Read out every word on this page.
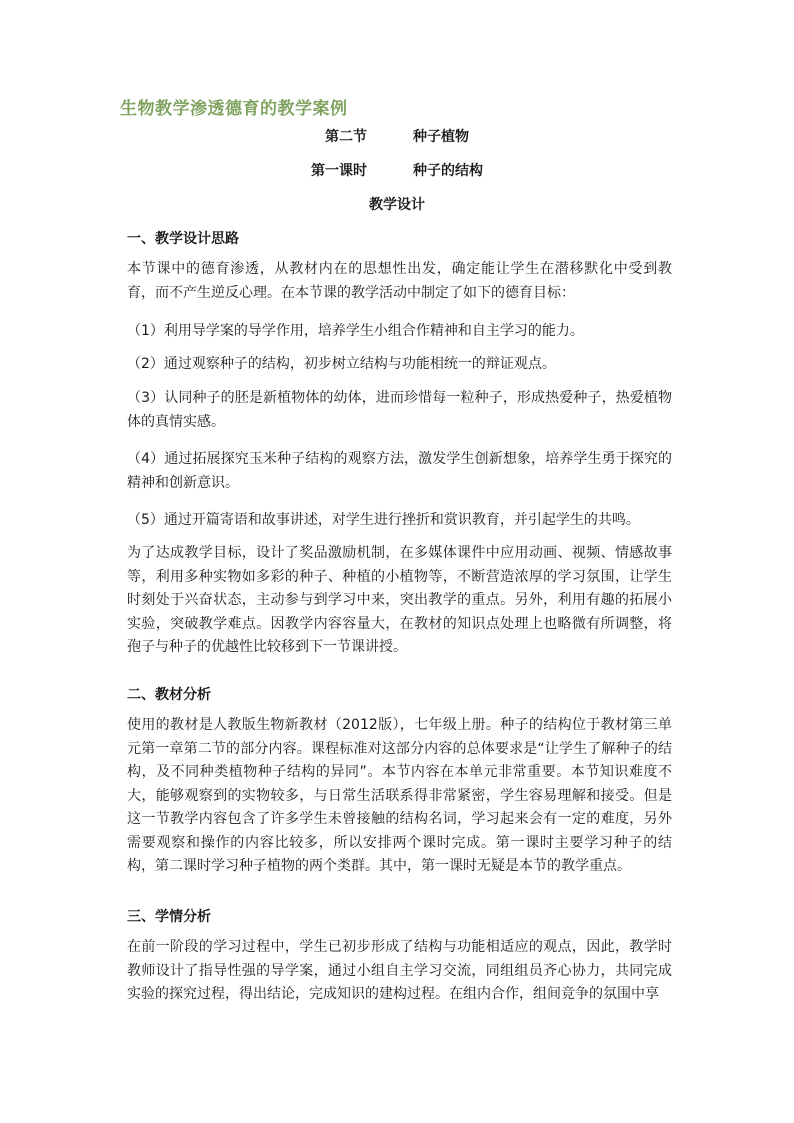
生物教学渗透德育的教学案例
第二节	种子植物
第一课时	种子的结构
教学设计
一、教学设计思路
本节课中的德育渗透，从教材内在的思想性出发，确定能让学生在潜移默化中受到教育，而不产生逆反心理。在本节课的教学活动中制定了如下的德育目标：
（1）利用导学案的导学作用，培养学生小组合作精神和自主学习的能力。
（2）通过观察种子的结构，初步树立结构与功能相统一的辩证观点。
（3）认同种子的胚是新植物体的幼体，进而珍惜每一粒种子，形成热爱种子，热爱植物体的真情实感。
（4）通过拓展探究玉米种子结构的观察方法，激发学生创新想象，培养学生勇于探究的精神和创新意识。
（5）通过开篇寄语和故事讲述，对学生进行挫折和赏识教育，并引起学生的共鸣。
为了达成教学目标，设计了奖品激励机制，在多媒体课件中应用动画、视频、情感故事等，利用多种实物如多彩的种子、种植的小植物等，不断营造浓厚的学习氛围，让学生时刻处于兴奋状态，主动参与到学习中来，突出教学的重点。另外，利用有趣的拓展小实验，突破教学难点。因教学内容容量大，在教材的知识点处理上也略微有所调整，将孢子与种子的优越性比较移到下一节课讲授。
二、教材分析
使用的教材是人教版生物新教材（2012版），七年级上册。种子的结构位于教材第三单元第一章第二节的部分内容。课程标准对这部分内容的总体要求是“让学生了解种子的结构，及不同种类植物种子结构的异同”。本节内容在本单元非常重要。本节知识难度不大，能够观察到的实物较多，与日常生活联系得非常紧密，学生容易理解和接受。但是这一节教学内容包含了许多学生未曾接触的结构名词，学习起来会有一定的难度，另外需要观察和操作的内容比较多，所以安排两个课时完成。第一课时主要学习种子的结构，第二课时学习种子植物的两个类群。其中，第一课时无疑是本节的教学重点。
三、学情分析
在前一阶段的学习过程中，学生已初步形成了结构与功能相适应的观点，因此，教学时教师设计了指导性强的导学案，通过小组自主学习交流，同组组员齐心协力，共同完成实验的探究过程，得出结论，完成知识的建构过程。在组内合作，组间竞争的氛围中享
